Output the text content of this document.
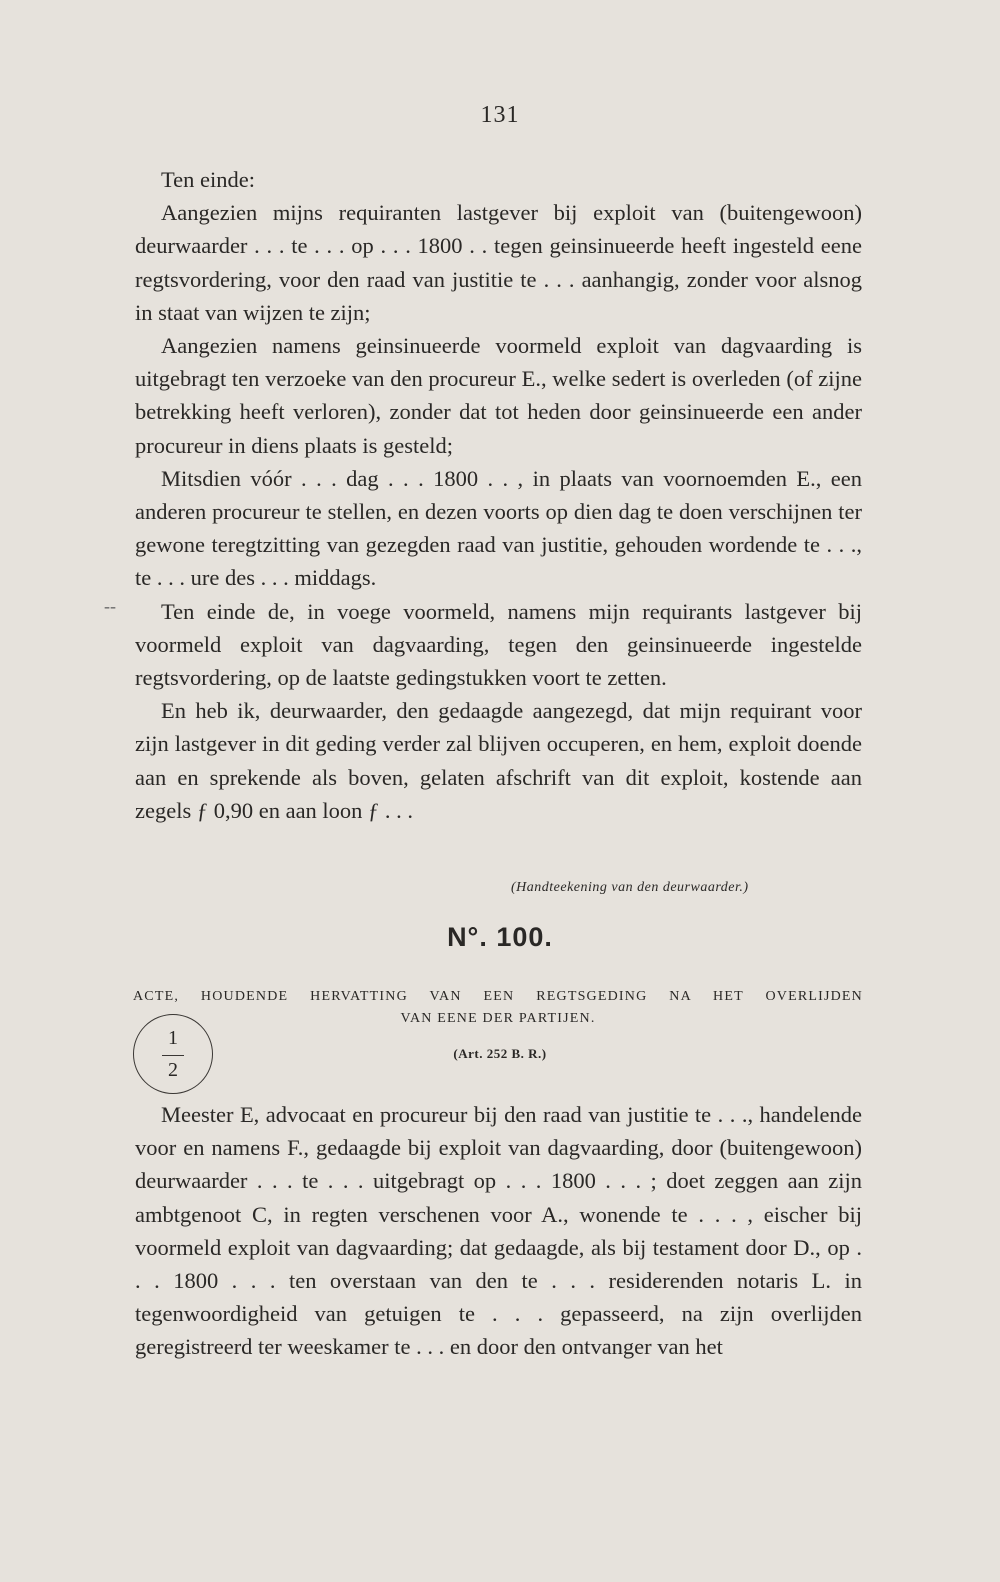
131
--

Ten einde:

Aangezien mijns requiranten lastgever bij exploit van (buitengewoon) deurwaarder . . . te . . . op . . . 1800 . . tegen geinsinueerde heeft ingesteld eene regtsvordering, voor den raad van justitie te . . . aanhangig, zonder voor alsnog in staat van wijzen te zijn;

Aangezien namens geinsinueerde voormeld exploit van dagvaarding is uitgebragt ten verzoeke van den procureur E., welke sedert is overleden (of zijne betrekking heeft verloren), zonder dat tot heden door geinsinueerde een ander procureur in diens plaats is gesteld;

Mitsdien vóór . . . dag . . . 1800 . . , in plaats van voornoemden E., een anderen procureur te stellen, en dezen voorts op dien dag te doen verschijnen ter gewone teregtzitting van gezegden raad van justitie, gehouden wordende te . . ., te . . . ure des . . . middags.

Ten einde de, in voege voormeld, namens mijn requirants lastgever bij voormeld exploit van dagvaarding, tegen den geinsinueerde ingestelde regtsvordering, op de laatste gedingstukken voort te zetten.

En heb ik, deurwaarder, den gedaagde aangezegd, dat mijn requirant voor zijn lastgever in dit geding verder zal blijven occuperen, en hem, exploit doende aan en sprekende als boven, gelaten afschrift van dit exploit, kostende aan zegels ƒ 0,90 en aan loon ƒ . . .

(Handteekening van den deurwaarder.)
N°. 100.
ACTE, HOUDENDE HERVATTING VAN EEN REGTSGEDING NA HET OVERLIJDEN
VAN EENE DER PARTIJEN.
1
2
(Art. 252 B. R.)

Meester E, advocaat en procureur bij den raad van justitie te . . ., handelende voor en namens F., gedaagde bij exploit van dagvaarding, door (buitengewoon) deurwaarder . . . te . . . uitgebragt op . . . 1800 . . . ; doet zeggen aan zijn ambtgenoot C, in regten verschenen voor A., wonende te . . . , eischer bij voormeld exploit van dagvaarding; dat gedaagde, als bij testament door D., op . . . 1800 . . . ten overstaan van den te . . . residerenden notaris L. in tegenwoordigheid van getuigen te . . . gepasseerd, na zijn overlijden geregistreerd ter weeskamer te . . . en door den ontvanger van het
